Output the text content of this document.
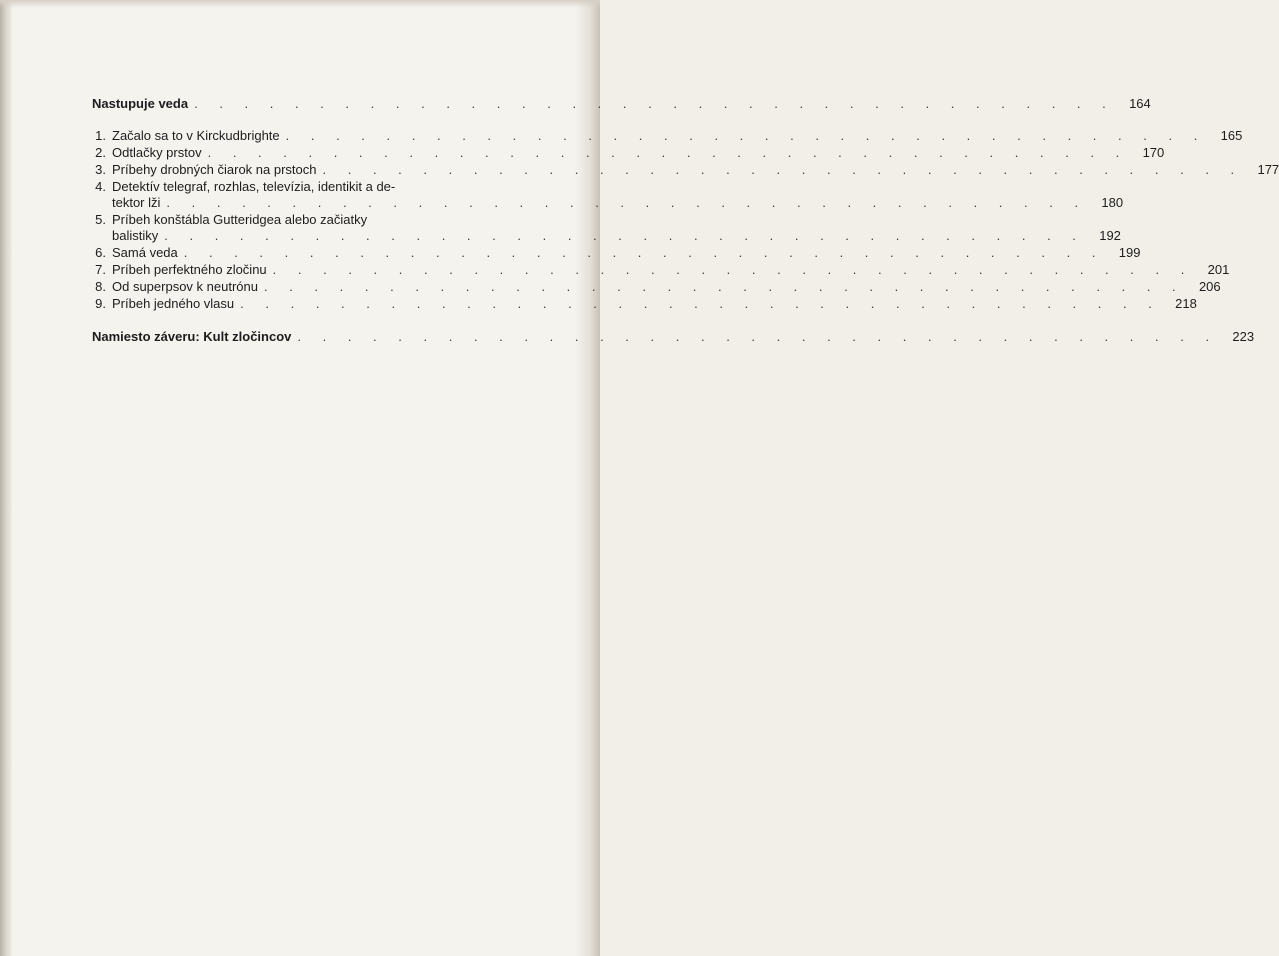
Nastupuje veda . . . . . . . . . . . . . . . . . . . . . . . . . . . . . . . . . . . . .	164
1. Začalo sa to v Kirckudbrighte . . . . . . . . . . . . . . . . . . . . . . . . . . . . . . . . . . . . .	165
2. Odtlačky prstov . . . . . . . . . . . . . . . . . . . . . . . . . . . . . . . . . . . . .	170
3. Príbehy drobných čiarok na prstoch . . . . . . . . . . . . . . . . . . . . . . . . . . . . . . . . . . . . .	177
4. Detektív telegraf, rozhlas, televízia, identikit a de-
tektor lži . . . . . . . . . . . . . . . . . . . . . . . . . . . . . . . . . . . . .	180
5. Príbeh konštábla Gutteridgea alebo začiatky
balistiky . . . . . . . . . . . . . . . . . . . . . . . . . . . . . . . . . . . . .	192
6. Samá veda . . . . . . . . . . . . . . . . . . . . . . . . . . . . . . . . . . . . .	199
7. Príbeh perfektného zločinu . . . . . . . . . . . . . . . . . . . . . . . . . . . . . . . . . . . . .	201
8. Od superpsov k neutrónu . . . . . . . . . . . . . . . . . . . . . . . . . . . . . . . . . . . . .	206
9. Príbeh jedného vlasu . . . . . . . . . . . . . . . . . . . . . . . . . . . . . . . . . . . . .	218
Namiesto záveru: Kult zločincov . . . . . . . . . . . . . . . . . . . . . . . . . . . . . . . . . . . . .	223
